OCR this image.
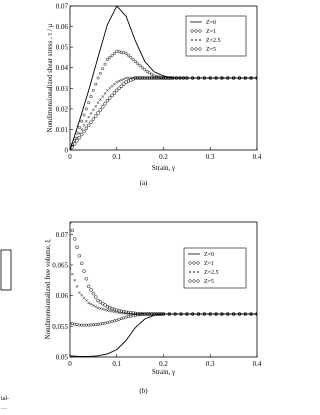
tal-
…
0	0.1	0.2	0.3	0.4
0
0.01
0.02
0.03
0.04
0.05
0.06
0.07
Strain, γ
Nondimensionalized shear stress , τ / μ
(a)
Z=0
Z=1
Z=2.5
Z=5
0	0.1	0.2	0.3	0.4
0.05
0.055
0.06
0.065
0.07
Strain, γ
Nondimensionalized free volume, ξ
(b)
Z=0
Z=1
Z=2.5
Z=5
